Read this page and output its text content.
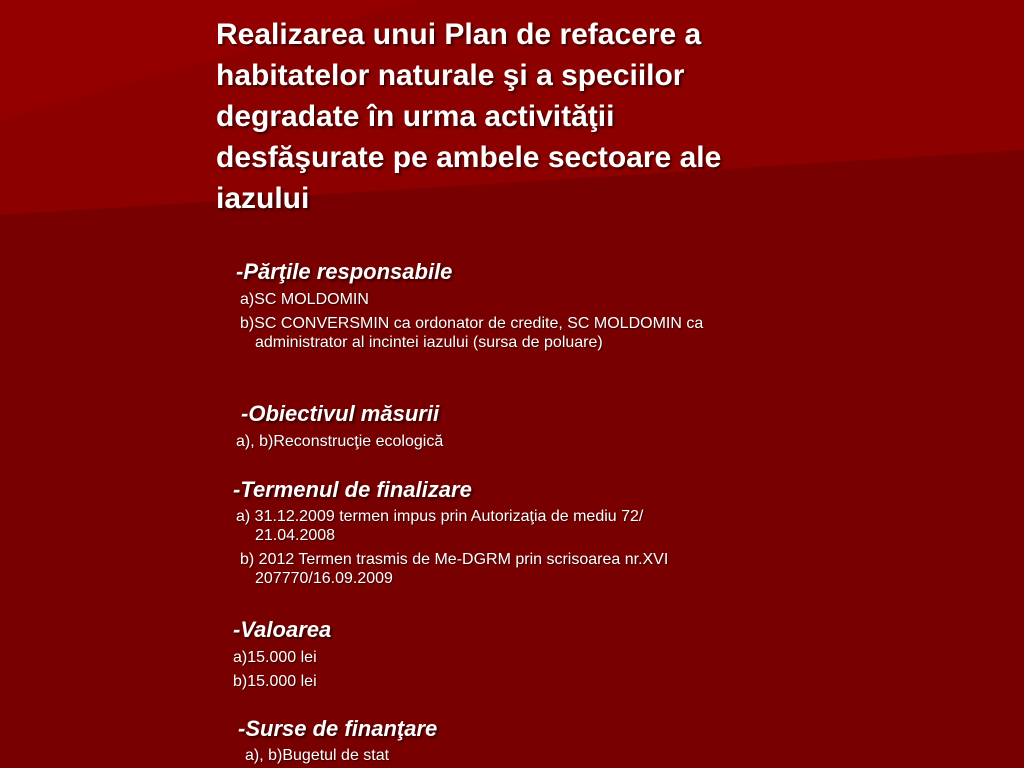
Realizarea unui Plan de refacere a
habitatelor naturale şi a speciilor
degradate în urma activităţii
desfăşurate pe ambele sectoare ale
iazului
-Părţile responsabile
a)SC MOLDOMIN
b)SC CONVERSMIN ca ordonator de credite, SC MOLDOMIN ca
administrator al incintei iazului (sursa de poluare)
-Obiectivul măsurii
a), b)Reconstrucţie ecologică
-Termenul de finalizare
a) 31.12.2009 termen impus prin Autorizaţia de mediu 72/
21.04.2008
b) 2012 Termen trasmis de Me-DGRM prin scrisoarea nr.XVI
207770/16.09.2009
-Valoarea
a)15.000 lei
b)15.000 lei
-Surse de finanţare
a), b)Bugetul de stat
